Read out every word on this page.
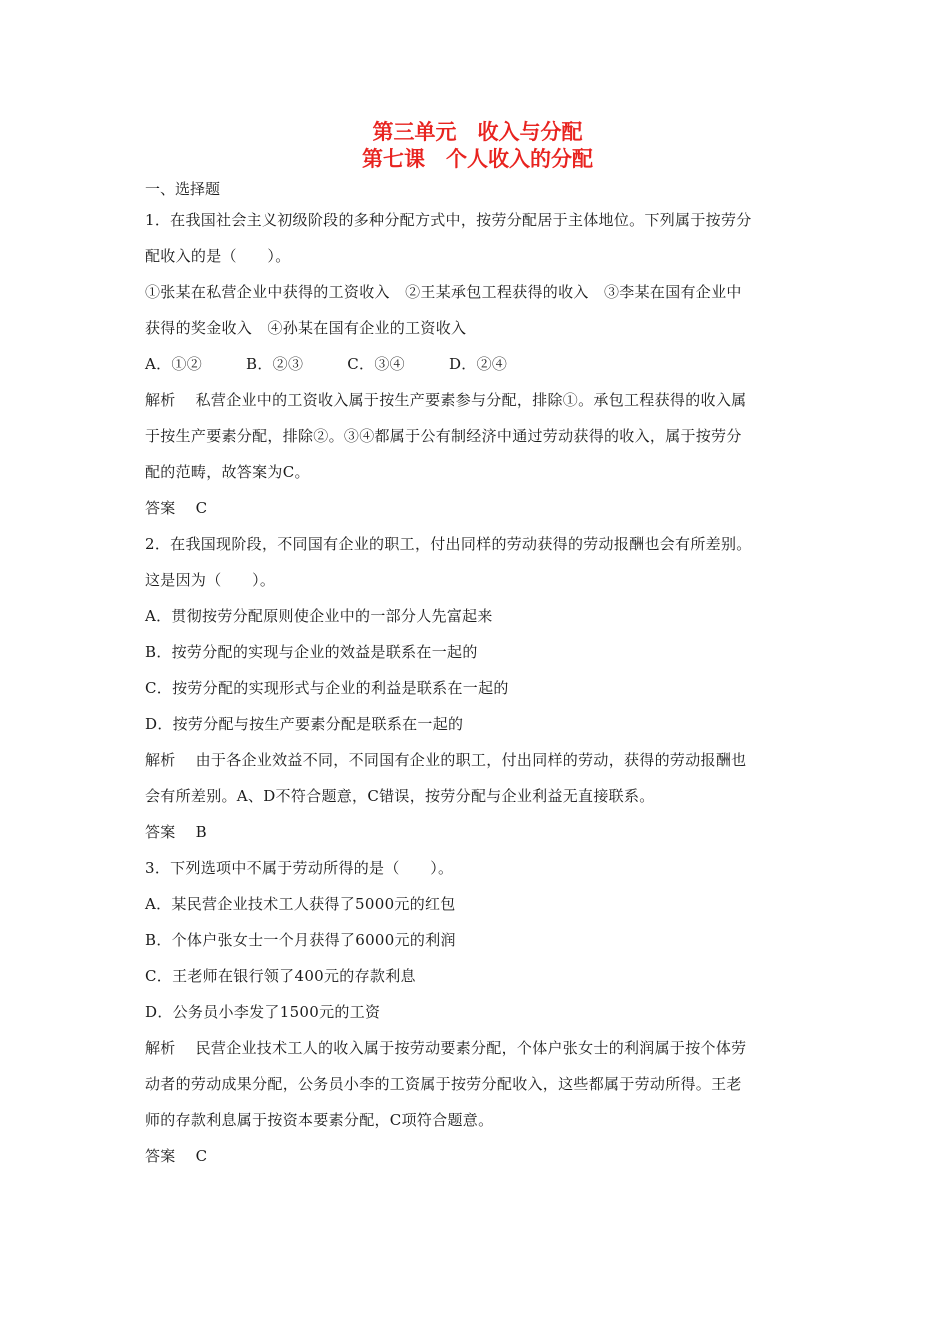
第三单元　收入与分配
第七课　个人收入的分配
一、选择题
1．在我国社会主义初级阶段的多种分配方式中，按劳分配居于主体地位。下列属于按劳分
配收入的是（　　）。
①张某在私营企业中获得的工资收入　②王某承包工程获得的收入　③李某在国有企业中
获得的奖金收入　④孙某在国有企业的工资收入
A．①②	B．②③	C．③④	D．②④
解析 私营企业中的工资收入属于按生产要素参与分配，排除①。承包工程获得的收入属
于按生产要素分配，排除②。③④都属于公有制经济中通过劳动获得的收入，属于按劳分
配的范畴，故答案为C。
答案 C
2．在我国现阶段，不同国有企业的职工，付出同样的劳动获得的劳动报酬也会有所差别。
这是因为（　　）。
A．贯彻按劳分配原则使企业中的一部分人先富起来
B．按劳分配的实现与企业的效益是联系在一起的
C．按劳分配的实现形式与企业的利益是联系在一起的
D．按劳分配与按生产要素分配是联系在一起的
解析 由于各企业效益不同，不同国有企业的职工，付出同样的劳动，获得的劳动报酬也
会有所差别。A、D不符合题意，C错误，按劳分配与企业利益无直接联系。
答案 B
3．下列选项中不属于劳动所得的是（　　）。
A．某民营企业技术工人获得了5000元的红包
B．个体户张女士一个月获得了6000元的利润
C．王老师在银行领了400元的存款利息
D．公务员小李发了1500元的工资
解析 民营企业技术工人的收入属于按劳动要素分配，个体户张女士的利润属于按个体劳
动者的劳动成果分配，公务员小李的工资属于按劳分配收入，这些都属于劳动所得。王老
师的存款利息属于按资本要素分配，C项符合题意。
答案 C
